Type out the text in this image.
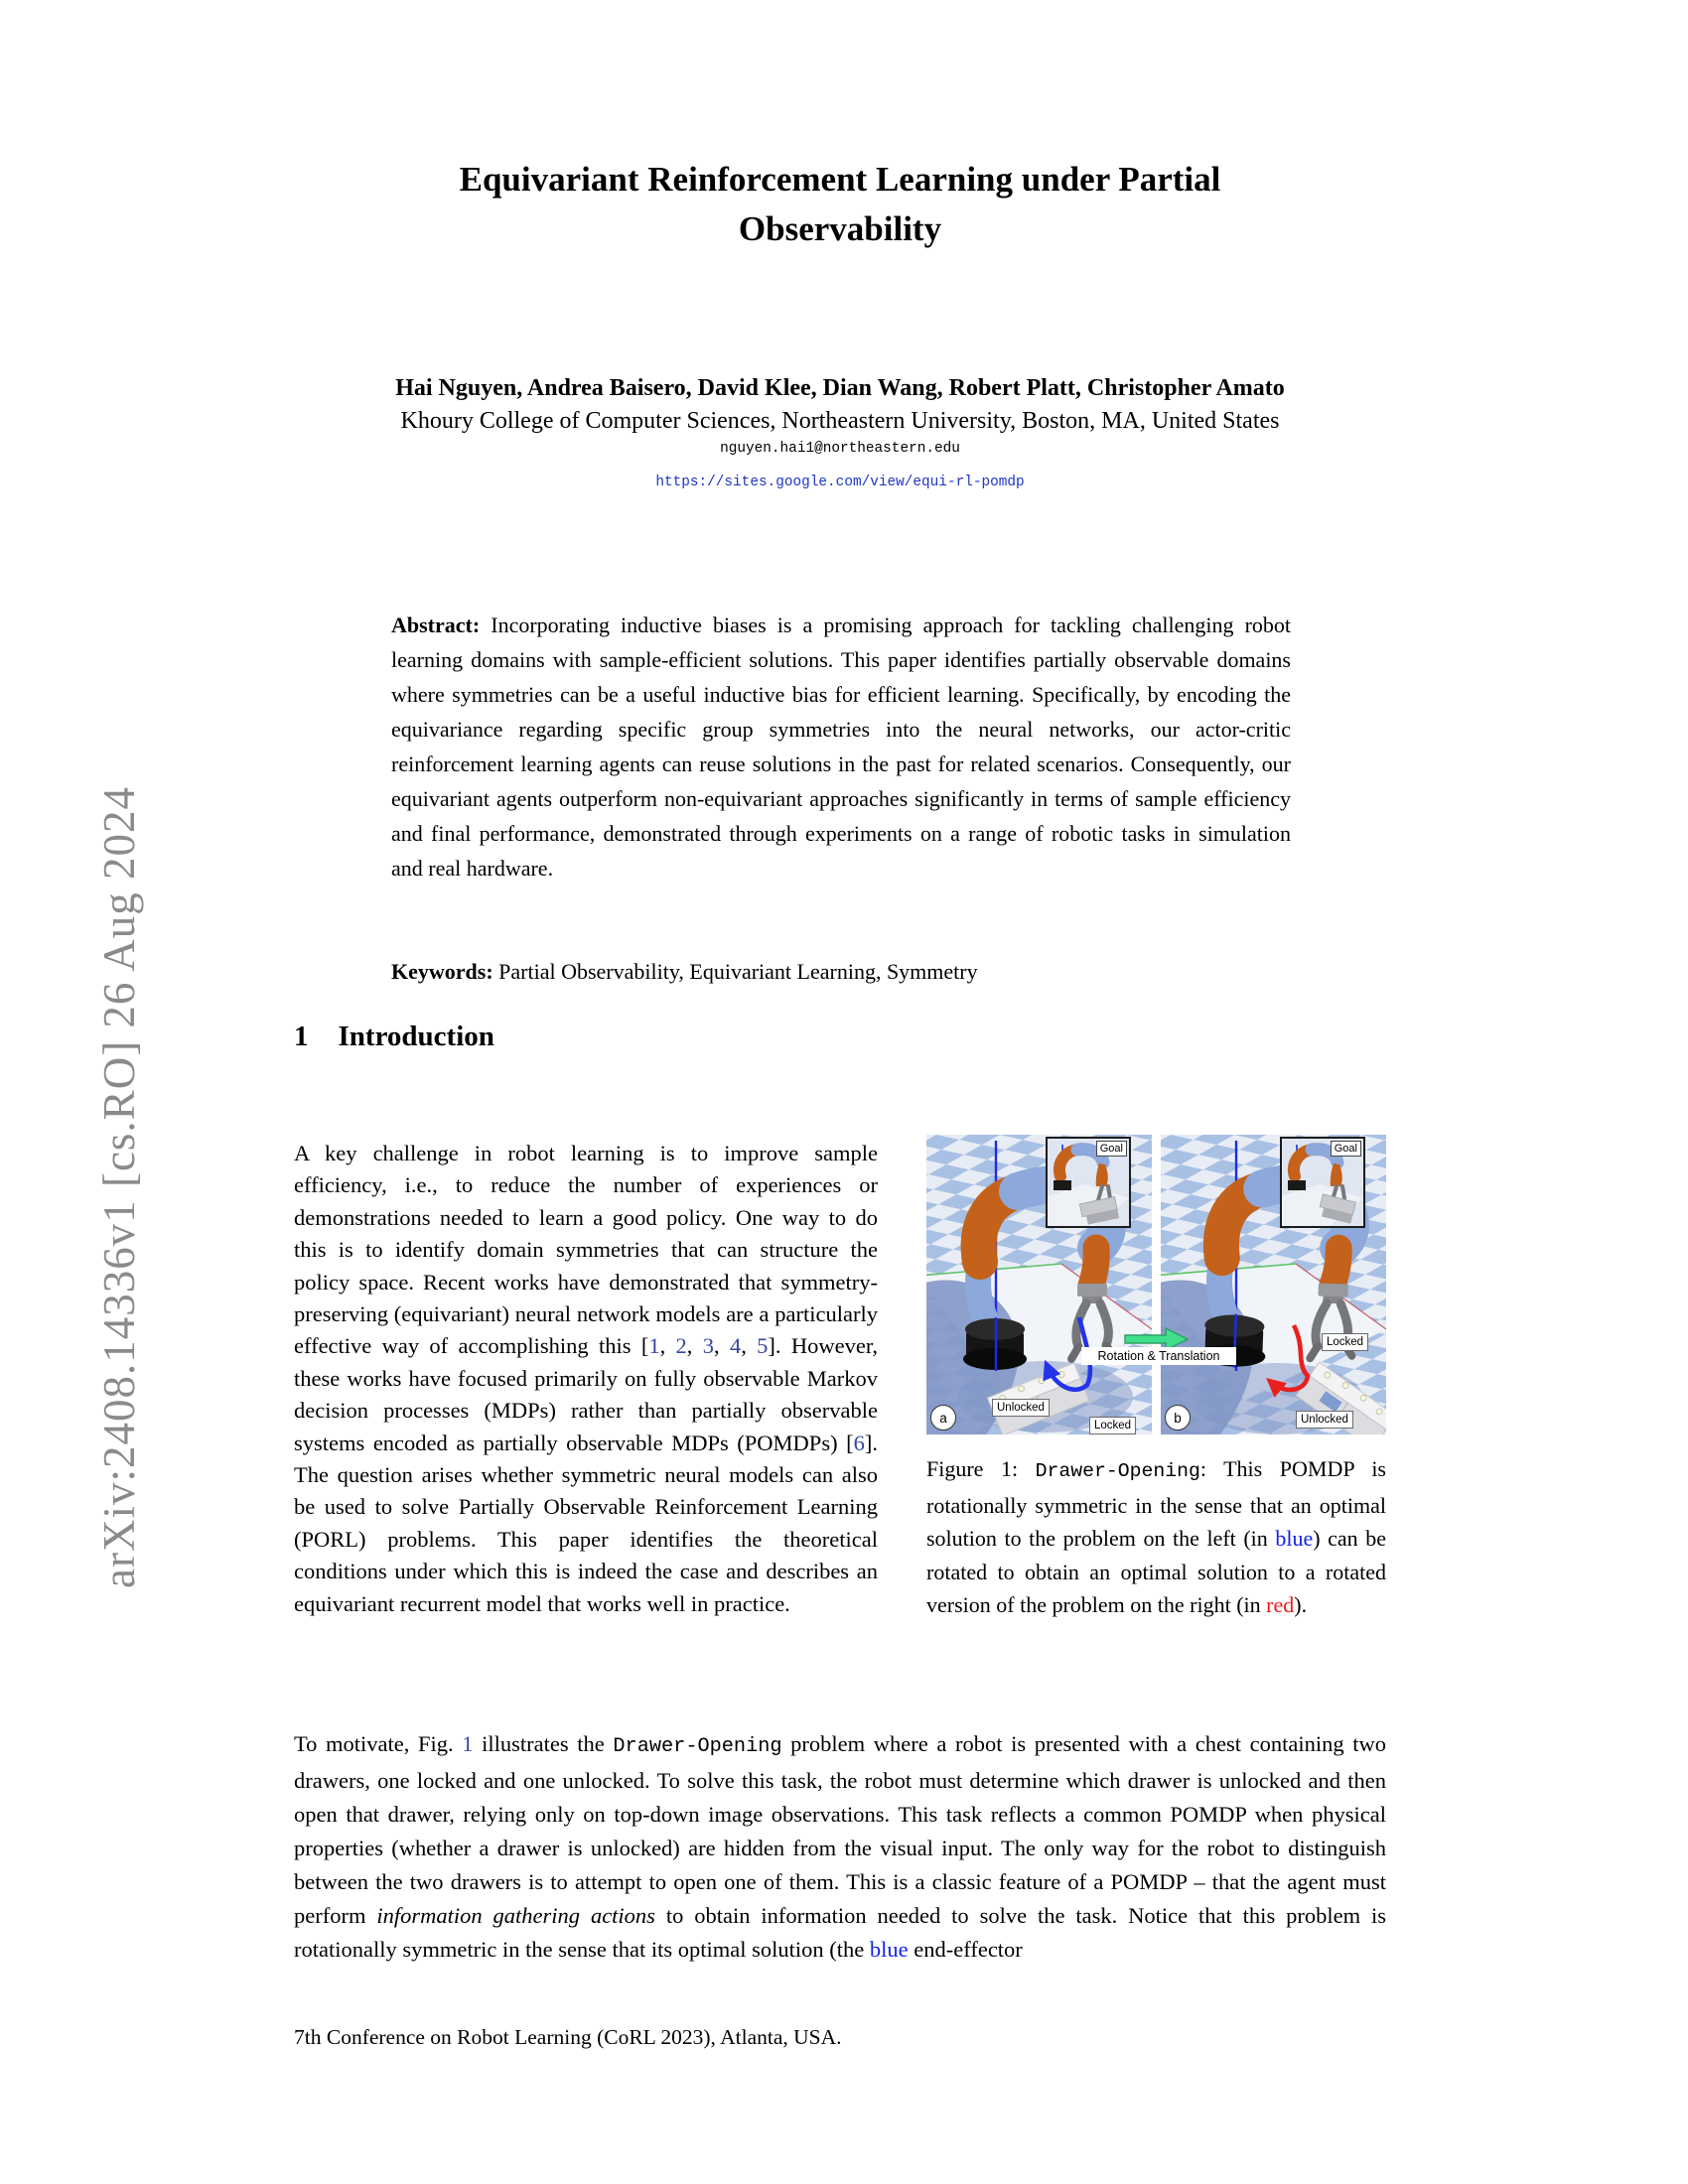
arXiv:2408.14336v1 [cs.RO] 26 Aug 2024
Equivariant Reinforcement Learning under Partial
Observability
Hai Nguyen, Andrea Baisero, David Klee, Dian Wang, Robert Platt, Christopher Amato
Khoury College of Computer Sciences, Northeastern University, Boston, MA, United States
nguyen.hai1@northeastern.edu
https://sites.google.com/view/equi-rl-pomdp
Abstract: Incorporating inductive biases is a promising approach for tackling challenging robot learning domains with sample-efficient solutions. This paper identifies partially observable domains where symmetries can be a useful inductive bias for efficient learning. Specifically, by encoding the equivariance regarding specific group symmetries into the neural networks, our actor-critic reinforcement learning agents can reuse solutions in the past for related scenarios. Consequently, our equivariant agents outperform non-equivariant approaches significantly in terms of sample efficiency and final performance, demonstrated through experiments on a range of robotic tasks in simulation and real hardware.
Keywords: Partial Observability, Equivariant Learning, Symmetry
1 Introduction
A key challenge in robot learning is to improve sample efficiency, i.e., to reduce the number of experiences or demonstrations needed to learn a good policy. One way to do this is to identify domain symmetries that can structure the policy space. Recent works have demonstrated that symmetry-preserving (equivariant) neural network models are a particularly effective way of accomplishing this [1, 2, 3, 4, 5]. However, these works have focused primarily on fully observable Markov decision processes (MDPs) rather than partially observable systems encoded as partially observable MDPs (POMDPs) [6]. The question arises whether symmetric neural models can also be used to solve Partially Observable Reinforcement Learning (PORL) problems. This paper identifies the theoretical conditions under which this is indeed the case and describes an equivariant recurrent model that works well in practice.
Goal
Unlocked
Locked
a
Goal
Locked
Unlocked
b
Rotation & Translation
Figure 1: Drawer-Opening: This POMDP is rotationally symmetric in the sense that an optimal solution to the problem on the left (in blue) can be rotated to obtain an optimal solution to a rotated version of the problem on the right (in red).
To motivate, Fig. 1 illustrates the Drawer-Opening problem where a robot is presented with a chest containing two drawers, one locked and one unlocked. To solve this task, the robot must determine which drawer is unlocked and then open that drawer, relying only on top-down image observations. This task reflects a common POMDP when physical properties (whether a drawer is unlocked) are hidden from the visual input. The only way for the robot to distinguish between the two drawers is to attempt to open one of them. This is a classic feature of a POMDP – that the agent must perform information gathering actions to obtain information needed to solve the task. Notice that this problem is rotationally symmetric in the sense that its optimal solution (the blue end-effector
7th Conference on Robot Learning (CoRL 2023), Atlanta, USA.
